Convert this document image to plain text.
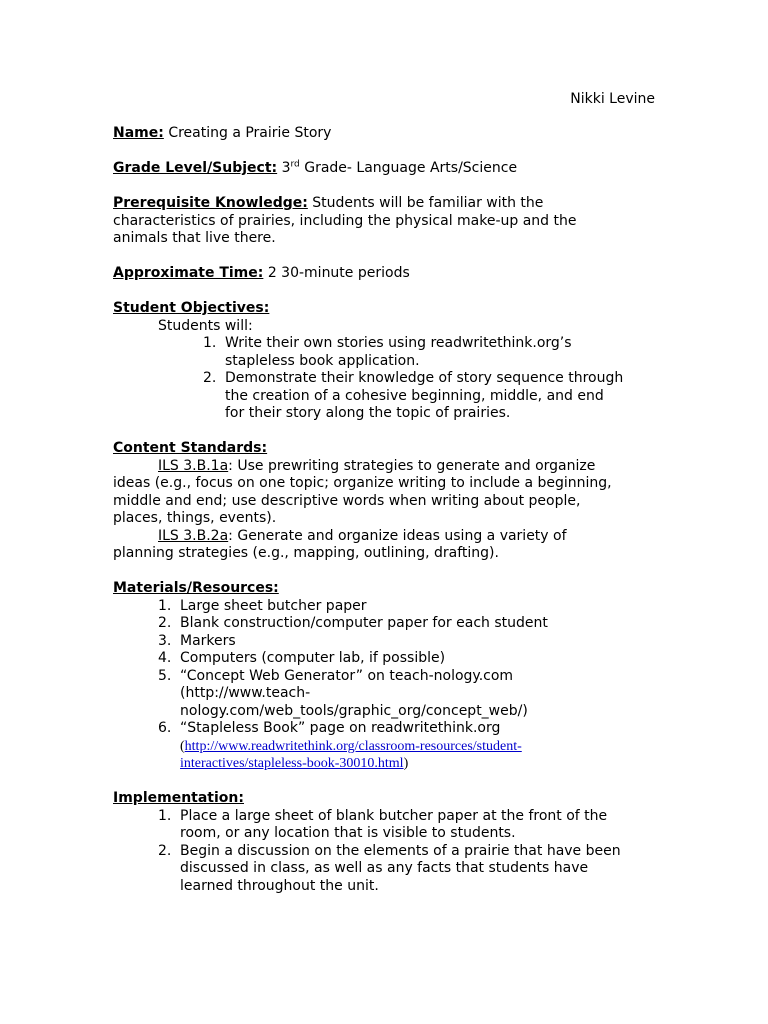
Nikki Levine
Name: Creating a Prairie Story
Grade Level/Subject: 3rd Grade- Language Arts/Science
Prerequisite Knowledge: Students will be familiar with the
characteristics of prairies, including the physical make-up and the
animals that live there.
Approximate Time: 2 30-minute periods
Student Objectives:
Students will:
1. Write their own stories using readwritethink.org’s
stapleless book application.
2. Demonstrate their knowledge of story sequence through
the creation of a cohesive beginning, middle, and end
for their story along the topic of prairies.
Content Standards:
ILS 3.B.1a: Use prewriting strategies to generate and organize
ideas (e.g., focus on one topic; organize writing to include a beginning,
middle and end; use descriptive words when writing about people,
places, things, events).
ILS 3.B.2a: Generate and organize ideas using a variety of
planning strategies (e.g., mapping, outlining, drafting).
Materials/Resources:
1. Large sheet butcher paper
2. Blank construction/computer paper for each student
3. Markers
4. Computers (computer lab, if possible)
5. “Concept Web Generator” on teach-nology.com
(http://www.teach-
nology.com/web_tools/graphic_org/concept_web/)
6. “Stapleless Book” page on readwritethink.org
(http://www.readwritethink.org/classroom-resources/student-
interactives/stapleless-book-30010.html)
Implementation:
1. Place a large sheet of blank butcher paper at the front of the
room, or any location that is visible to students.
2. Begin a discussion on the elements of a prairie that have been
discussed in class, as well as any facts that students have
learned throughout the unit.
